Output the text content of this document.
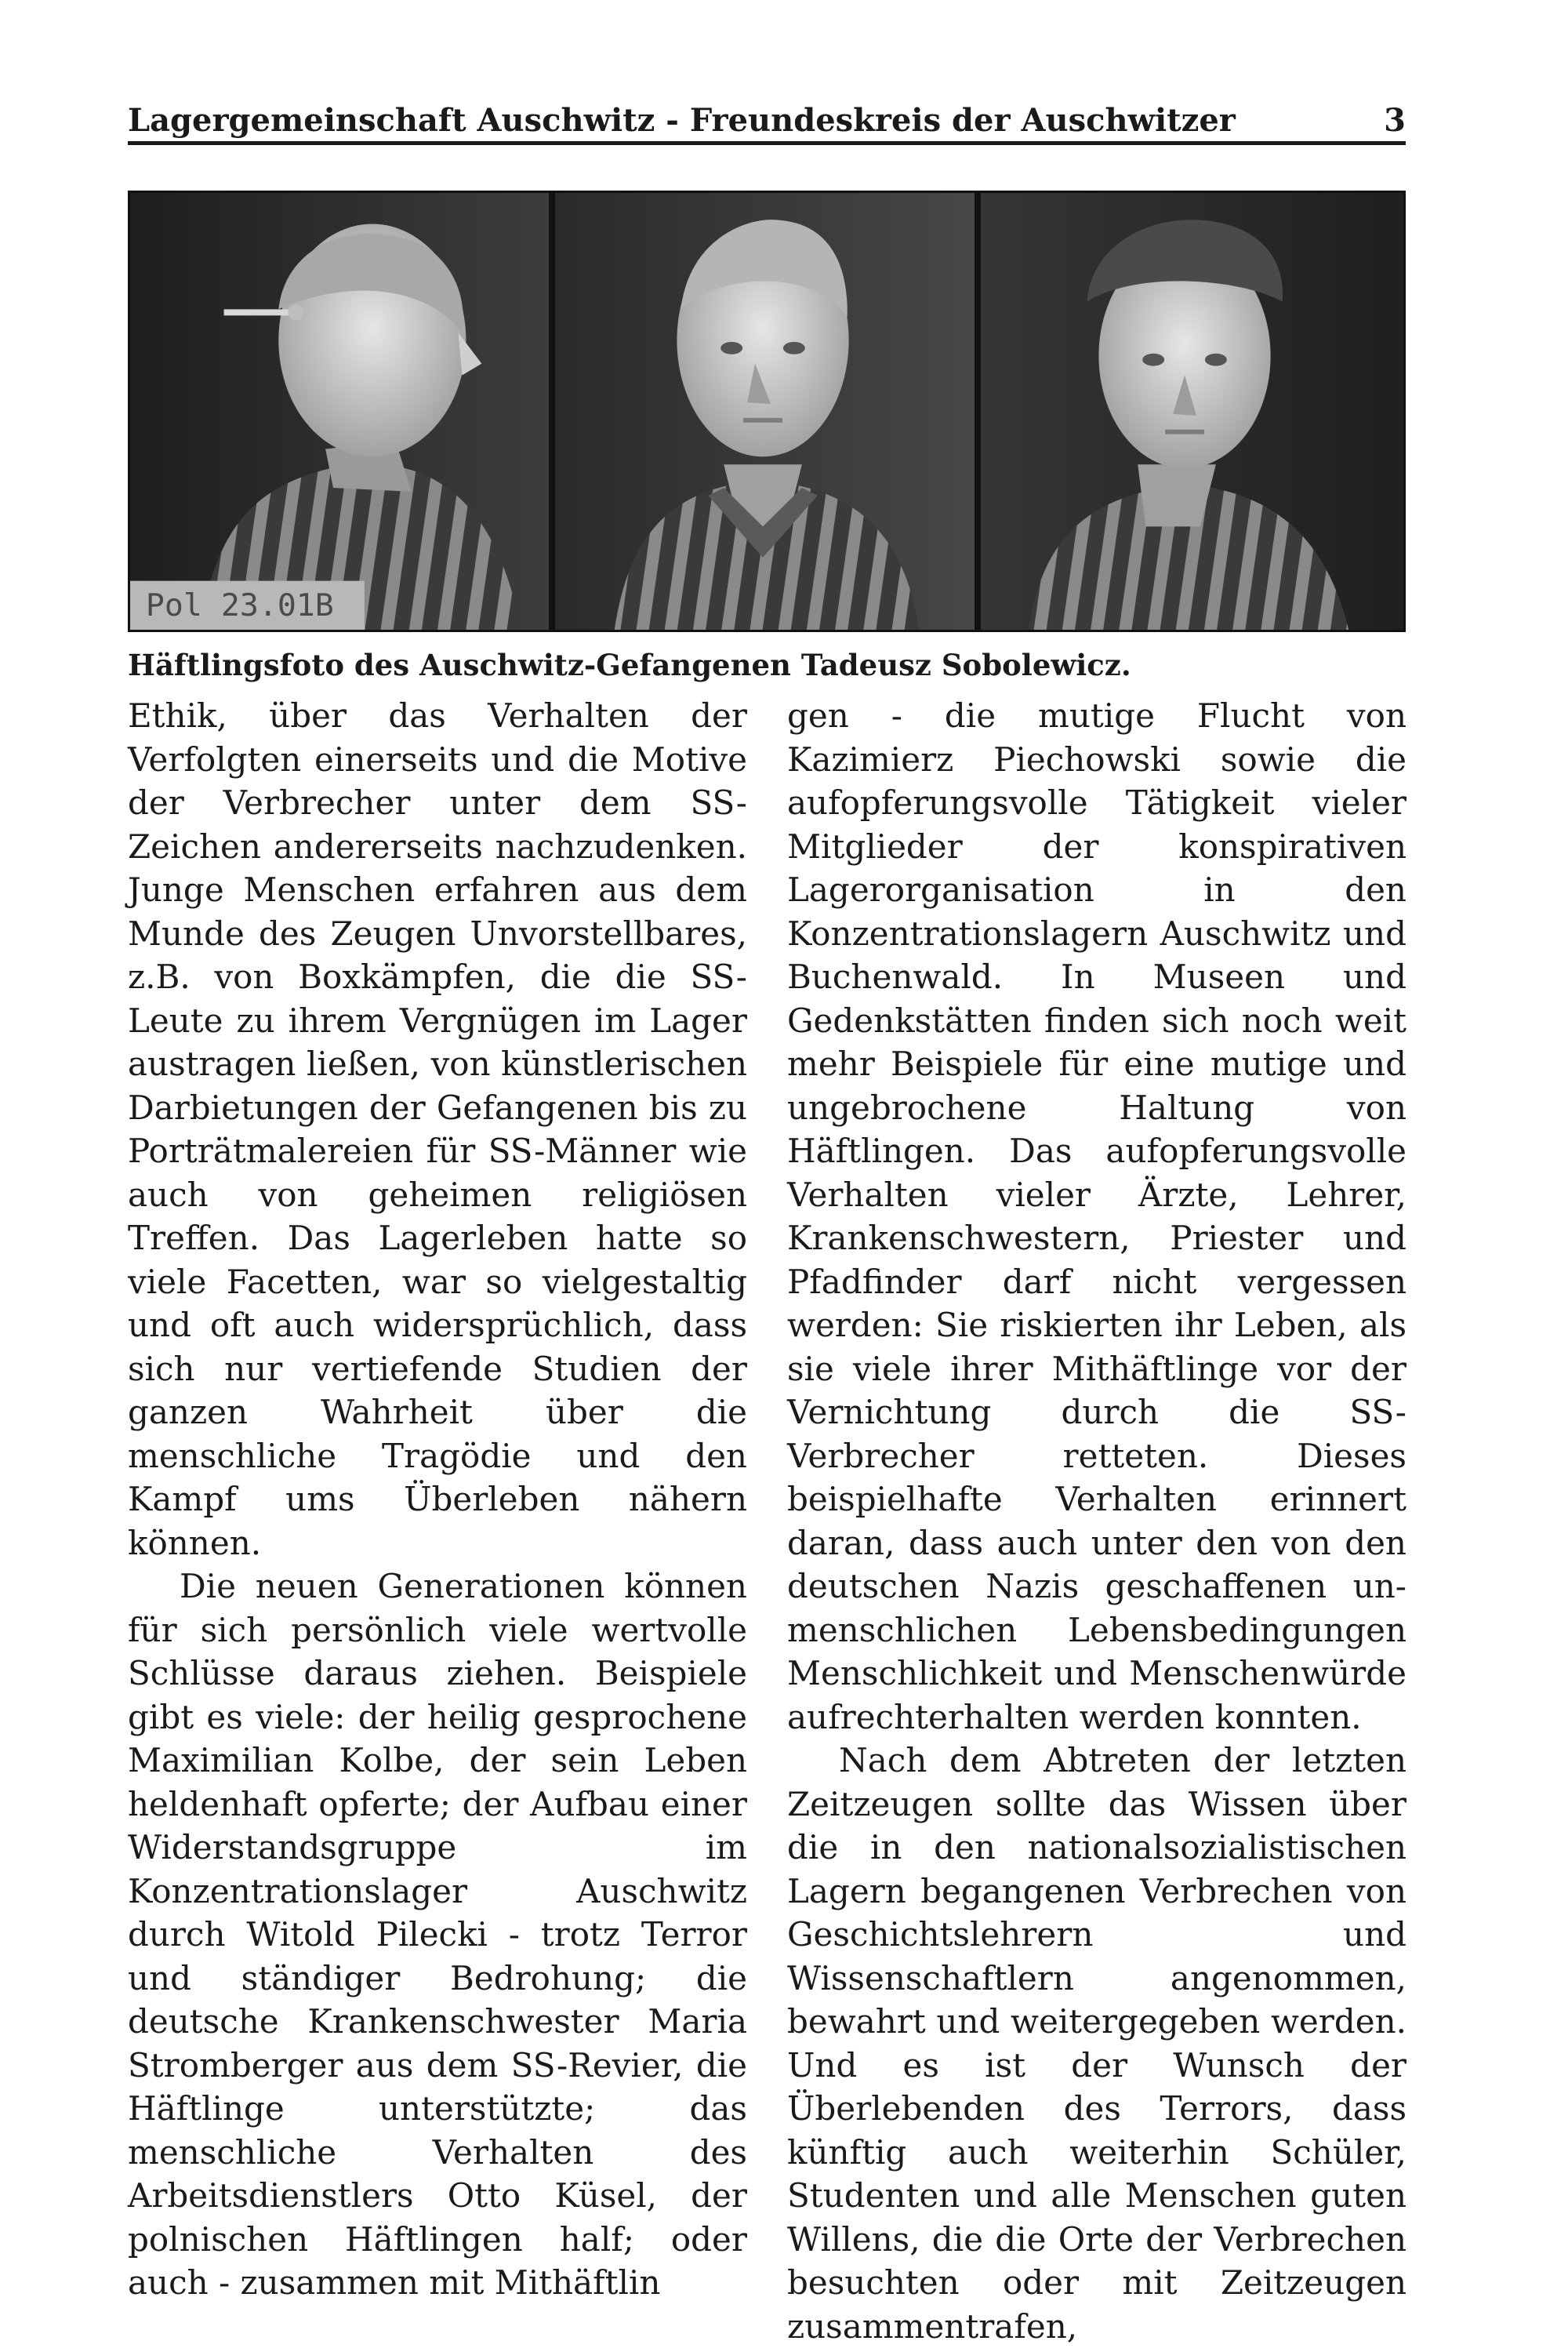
Lagergemeinschaft Auschwitz - Freundeskreis der Auschwitzer	3
Pol 23.01B
Häftlingsfoto des Auschwitz-Gefangenen Tadeusz Sobolewicz.

Ethik, über das Verhalten der Verfolgten einerseits und die Motive der Verbrecher unter dem SS-Zeichen andererseits nachzudenken. Junge Menschen erfahren aus dem Munde des Zeugen Unvorstellbares, z.B. von Boxkämpfen, die die SS-Leute zu ihrem Vergnügen im Lager austragen ließen, von künstlerischen Darbietungen der Gefangenen bis zu Porträtmalereien für SS-Männer wie auch von geheimen religiösen Treffen. Das Lagerleben hatte so viele Facetten, war so vielgestaltig und oft auch widersprüchlich, dass sich nur vertiefende Studien der ganzen Wahrheit über die menschliche Tragödie und den Kampf ums Überleben nähern können.

Die neuen Generationen können für sich persönlich viele wertvolle Schlüsse daraus ziehen. Beispiele gibt es viele: der heilig gesprochene Maximilian Kolbe, der sein Leben heldenhaft opferte; der Aufbau einer Widerstandsgruppe im Konzentrationslager Auschwitz durch Witold Pilecki - trotz Terror und ständiger Bedrohung; die deutsche Krankenschwester Maria Stromberger aus dem SS-Revier, die Häftlinge unterstützte; das menschliche Verhalten des Arbeitsdienstlers Otto Küsel, der polnischen Häftlingen half; oder auch - zusammen mit Mithäftlin

gen - die mutige Flucht von Kazimierz Piechowski sowie die aufopferungsvolle Tätigkeit vieler Mitglieder der konspirativen Lagerorganisation in den Konzentrationslagern Auschwitz und Buchenwald. In Museen und Gedenkstätten finden sich noch weit mehr Beispiele für eine mutige und ungebrochene Haltung von Häftlingen. Das aufopferungsvolle Verhalten vieler Ärzte, Lehrer, Krankenschwestern, Priester und Pfadfinder darf nicht vergessen werden: Sie riskierten ihr Leben, als sie viele ihrer Mithäftlinge vor der Vernichtung durch die SS-Verbrecher retteten. Dieses beispielhafte Verhalten erinnert daran, dass auch unter den von den deutschen Nazis geschaffenen unmenschlichen Lebensbedingungen Menschlichkeit und Menschenwürde aufrechterhalten werden konnten.

Nach dem Abtreten der letzten Zeitzeugen sollte das Wissen über die in den nationalsozialistischen Lagern begangenen Verbrechen von Geschichtslehrern und Wissenschaftlern angenommen, bewahrt und weitergegeben werden. Und es ist der Wunsch der Überlebenden des Terrors, dass künftig auch weiterhin Schüler, Studenten und alle Menschen guten Willens, die die Orte der Verbrechen besuchten oder mit Zeitzeugen zusammentrafen,
